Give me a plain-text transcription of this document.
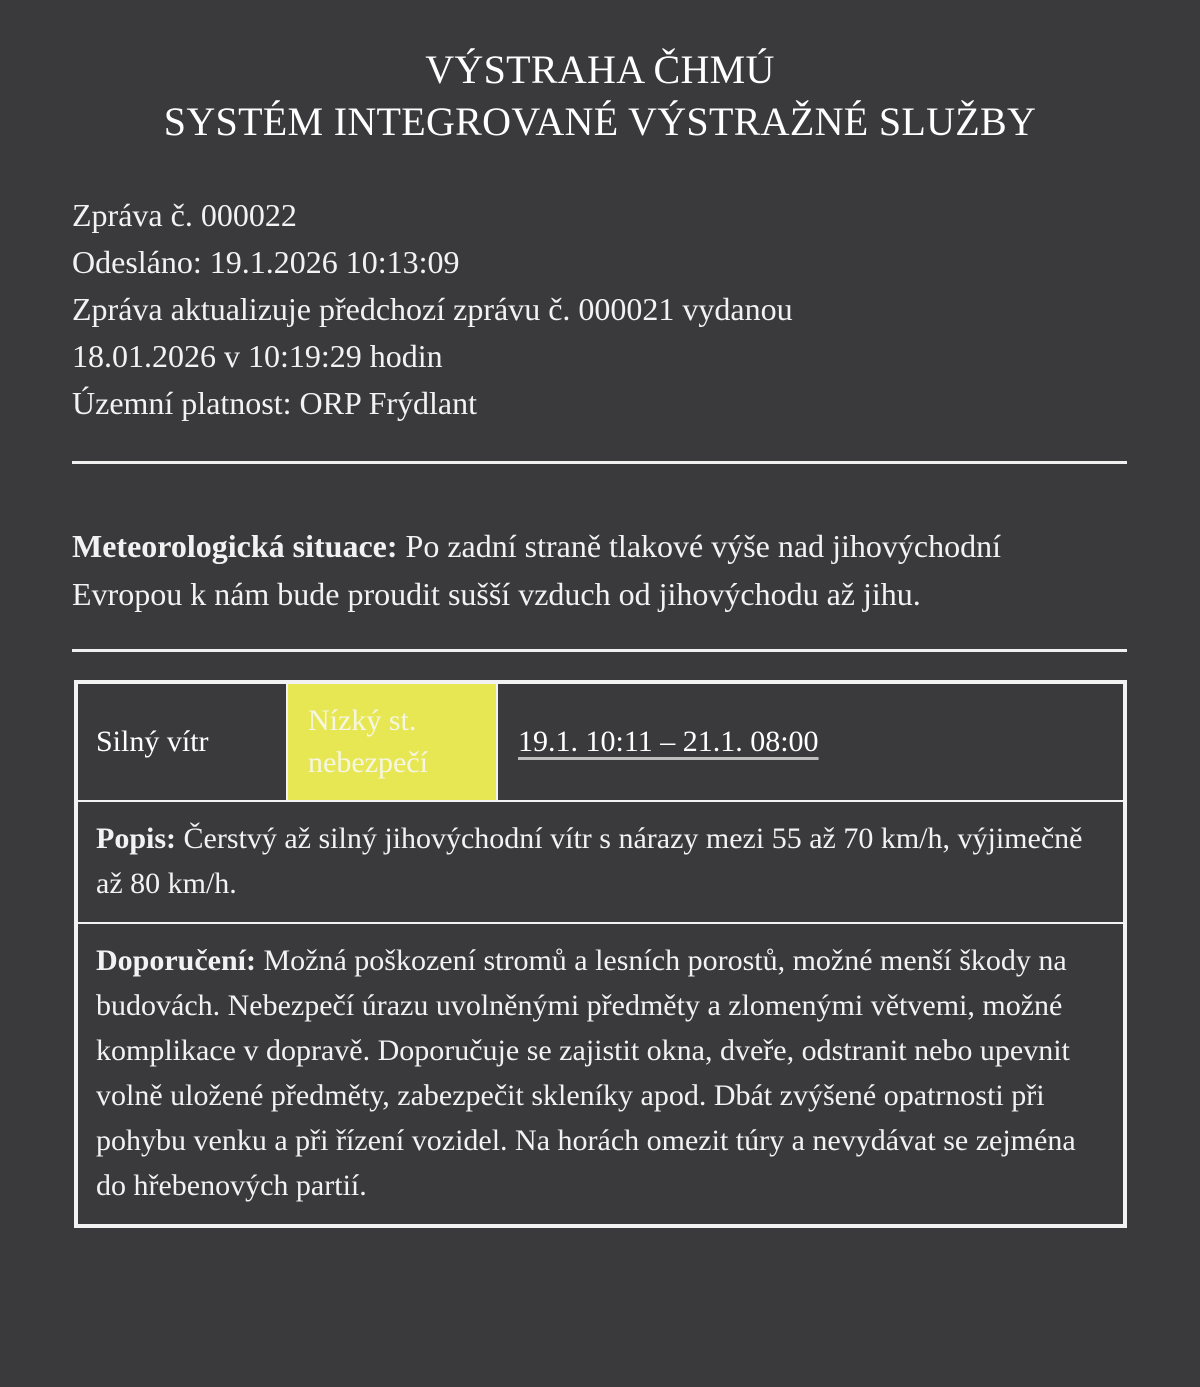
VÝSTRAHA ČHMÚ
SYSTÉM INTEGROVANÉ VÝSTRAŽNÉ SLUŽBY
Zpráva č. 000022
Odesláno: 19.1.2026 10:13:09
Zpráva aktualizuje předchozí zprávu č. 000021 vydanou
18.01.2026 v 10:19:29 hodin
Územní platnost: ORP Frýdlant
Meteorologická situace: Po zadní straně tlakové výše nad jihovýchodní Evropou k nám bude proudit sušší vzduch od jihovýchodu až jihu.
Silný vítr	Nízký st. nebezpečí	19.1. 10:11 – 21.1. 08:00
Popis: Čerstvý až silný jihovýchodní vítr s nárazy mezi 55 až 70 km/h, výjimečně až 80 km/h.
Doporučení: Možná poškození stromů a lesních porostů, možné menší škody na budovách. Nebezpečí úrazu uvolněnými předměty a zlomenými větvemi, možné komplikace v dopravě. Doporučuje se zajistit okna, dveře, odstranit nebo upevnit volně uložené předměty, zabezpečit skleníky apod. Dbát zvýšené opatrnosti při pohybu venku a při řízení vozidel. Na horách omezit túry a nevydávat se zejména do hřebenových partií.
